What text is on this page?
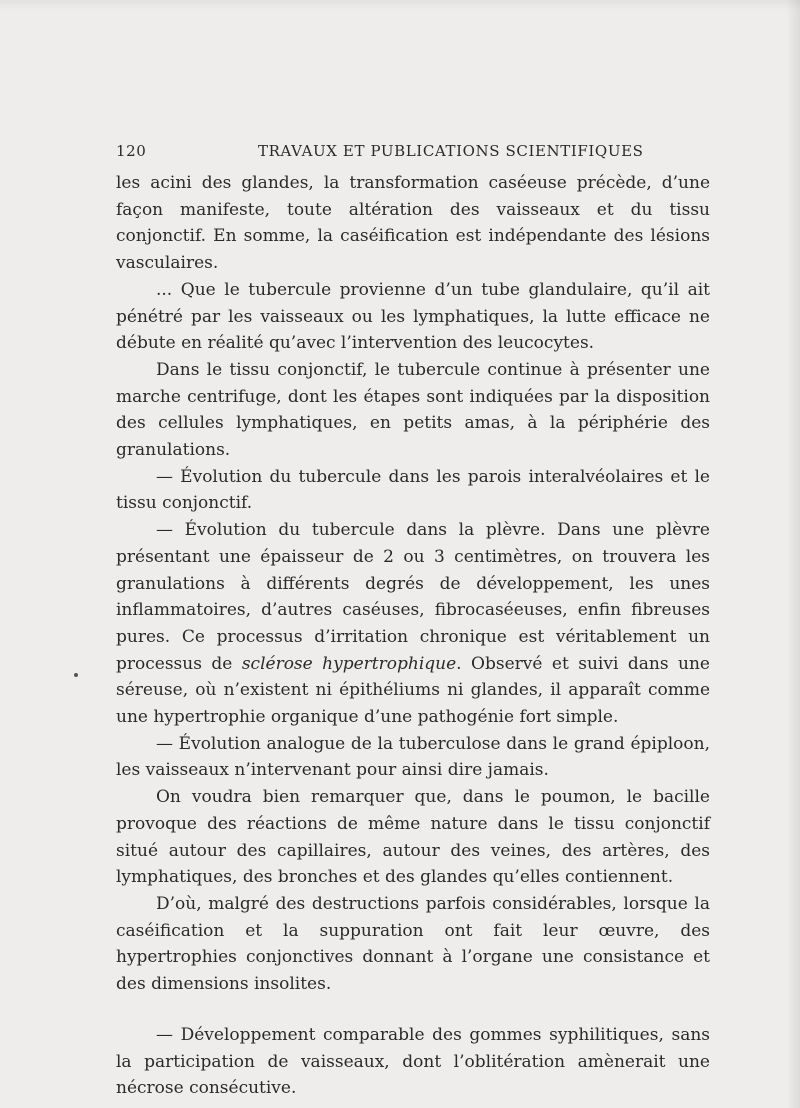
120	TRAVAUX ET PUBLICATIONS SCIENTIFIQUES

les acini des glandes, la transformation caséeuse précède, d’une façon manifeste, toute altération des vaisseaux et du tissu conjonctif. En somme, la caséification est indépendante des lésions vasculaires.

... Que le tubercule provienne d’un tube glandulaire, qu’il ait pénétré par les vaisseaux ou les lymphatiques, la lutte efficace ne débute en réalité qu’avec l’intervention des leucocytes.

Dans le tissu conjonctif, le tubercule continue à présenter une marche centrifuge, dont les étapes sont indiquées par la disposition des cellules lymphatiques, en petits amas, à la périphérie des granulations.

— Évolution du tubercule dans les parois interalvéolaires et le tissu conjonctif.

— Évolution du tubercule dans la plèvre. Dans une plèvre présentant une épaisseur de 2 ou 3 centimètres, on trouvera les granulations à différents degrés de développement, les unes inflammatoires, d’autres caséuses, fibrocaséeuses, enfin fibreuses pures. Ce processus d’irritation chronique est véritablement un processus de sclérose hypertrophique. Observé et suivi dans une séreuse, où n’existent ni épithéliums ni glandes, il apparaît comme une hypertrophie organique d’une pathogénie fort simple.

— Évolution analogue de la tuberculose dans le grand épiploon, les vaisseaux n’intervenant pour ainsi dire jamais.

On voudra bien remarquer que, dans le poumon, le bacille provoque des réactions de même nature dans le tissu conjonctif situé autour des capillaires, autour des veines, des artères, des lymphatiques, des bronches et des glandes qu’elles contiennent.

D’où, malgré des destructions parfois considérables, lorsque la caséification et la suppuration ont fait leur œuvre, des hypertrophies conjonctives donnant à l’organe une consistance et des dimensions insolites.

— Développement comparable des gommes syphilitiques, sans la participation de vaisseaux, dont l’oblitération amènerait une nécrose consécutive.
